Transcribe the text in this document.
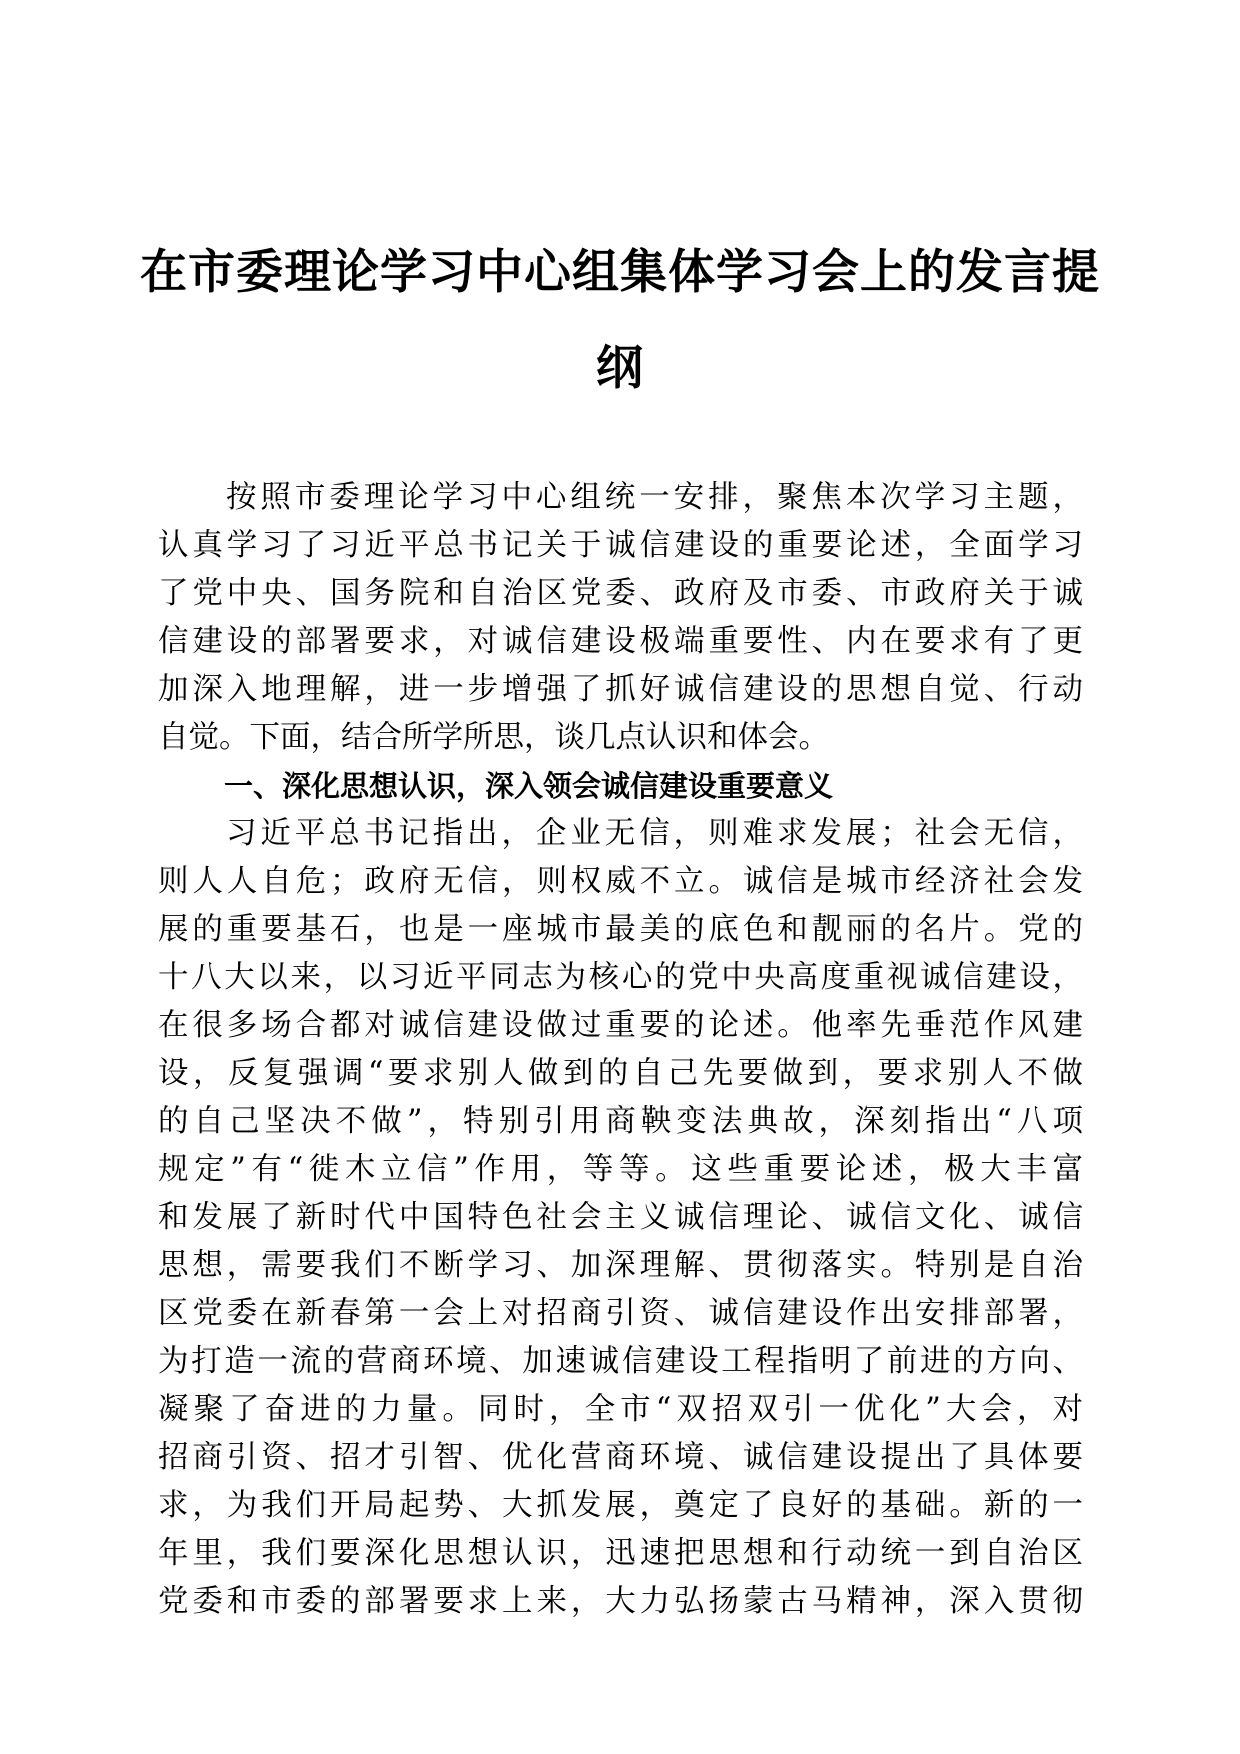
在市委理论学习中心组集体学习会上的发言提
纲
按照市委理论学习中心组统一安排，聚焦本次学习主题，
认真学习了习近平总书记关于诚信建设的重要论述，全面学习
了党中央、国务院和自治区党委、政府及市委、市政府关于诚
信建设的部署要求，对诚信建设极端重要性、内在要求有了更
加深入地理解，进一步增强了抓好诚信建设的思想自觉、行动
自觉。下面，结合所学所思，谈几点认识和体会。
一、深化思想认识，深入领会诚信建设重要意义
习近平总书记指出，企业无信，则难求发展；社会无信，
则人人自危；政府无信，则权威不立。诚信是城市经济社会发
展的重要基石，也是一座城市最美的底色和靓丽的名片。党的
十八大以来，以习近平同志为核心的党中央高度重视诚信建设，
在很多场合都对诚信建设做过重要的论述。他率先垂范作风建
设，反复强调“要求别人做到的自己先要做到，要求别人不做
的自己坚决不做”，特别引用商鞅变法典故，深刻指出“八项
规定”有“徙木立信”作用，等等。这些重要论述，极大丰富
和发展了新时代中国特色社会主义诚信理论、诚信文化、诚信
思想，需要我们不断学习、加深理解、贯彻落实。特别是自治
区党委在新春第一会上对招商引资、诚信建设作出安排部署，
为打造一流的营商环境、加速诚信建设工程指明了前进的方向、
凝聚了奋进的力量。同时，全市“双招双引一优化”大会，对
招商引资、招才引智、优化营商环境、诚信建设提出了具体要
求，为我们开局起势、大抓发展，奠定了良好的基础。新的一
年里，我们要深化思想认识，迅速把思想和行动统一到自治区
党委和市委的部署要求上来，大力弘扬蒙古马精神，深入贯彻
